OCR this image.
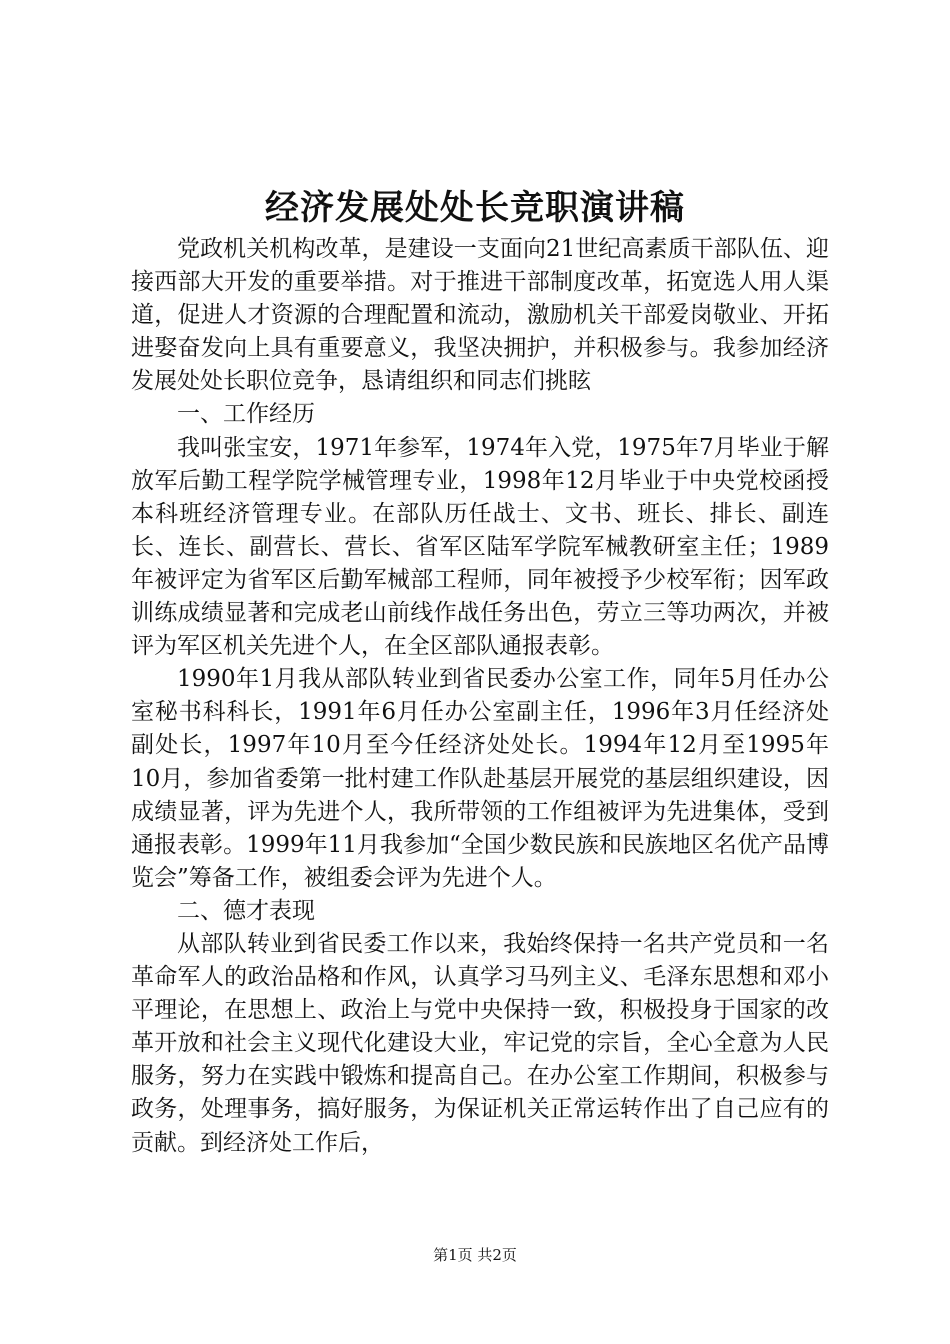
经济发展处处长竞职演讲稿

党政机关机构改革，是建设一支面向21世纪高素质干部队伍、迎接西部大开发的重要举措。对于推进干部制度改革，拓宽选人用人渠道，促进人才资源的合理配置和流动，激励机关干部爱岗敬业、开拓进娶奋发向上具有重要意义，我坚决拥护，并积极参与。我参加经济发展处处长职位竞争，恳请组织和同志们挑眩

一、工作经历

我叫张宝安，1971年参军，1974年入党，1975年7月毕业于解放军后勤工程学院学械管理专业，1998年12月毕业于中央党校函授本科班经济管理专业。在部队历任战士、文书、班长、排长、副连长、连长、副营长、营长、省军区陆军学院军械教研室主任；1989年被评定为省军区后勤军械部工程师，同年被授予少校军衔；因军政训练成绩显著和完成老山前线作战任务出色，劳立三等功两次，并被评为军区机关先进个人，在全区部队通报表彰。

1990年1月我从部队转业到省民委办公室工作，同年5月任办公室秘书科科长，1991年6月任办公室副主任，1996年3月任经济处副处长，1997年10月至今任经济处处长。1994年12月至1995年10月，参加省委第一批村建工作队赴基层开展党的基层组织建设，因成绩显著，评为先进个人，我所带领的工作组被评为先进集体，受到通报表彰。1999年11月我参加“全国少数民族和民族地区名优产品博览会”筹备工作，被组委会评为先进个人。

二、德才表现

从部队转业到省民委工作以来，我始终保持一名共产党员和一名革命军人的政治品格和作风，认真学习马列主义、毛泽东思想和邓小平理论，在思想上、政治上与党中央保持一致，积极投身于国家的改革开放和社会主义现代化建设大业，牢记党的宗旨，全心全意为人民服务，努力在实践中锻炼和提高自己。在办公室工作期间，积极参与政务，处理事务，搞好服务，为保证机关正常运转作出了自己应有的贡献。到经济处工作后，

第1页 共2页
